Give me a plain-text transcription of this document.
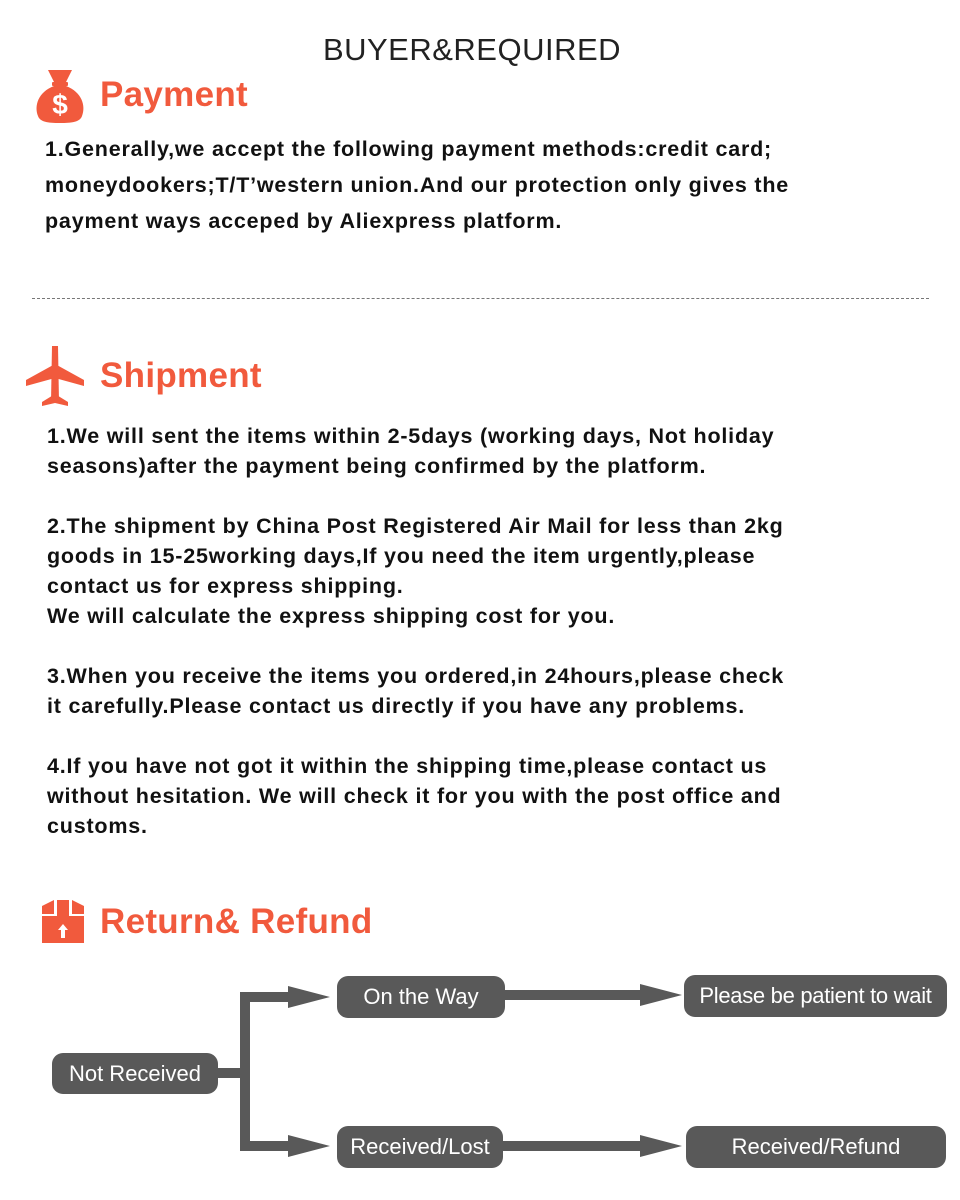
BUYER&REQUIRED
$ Payment
1.Generally,we accept the following payment methods:credit card;
moneydookers;T/T’western union.And our protection only gives the
payment ways acceped by Aliexpress platform.
Shipment
1.We will sent the items within 2-5days (working days, Not holiday
seasons)after the payment being confirmed by the platform.
2.The shipment by China Post Registered Air Mail for less than 2kg
goods in 15-25working days,If you need the item urgently,please
contact us for express shipping.
We will calculate the express shipping cost for you.
3.When you receive the items you ordered,in 24hours,please check
it carefully.Please contact us directly if you have any problems.
4.If you have not got it within the shipping time,please contact us
without hesitation. We will check it for you with the post office and
customs.
Return& Refund
Not Received
On the Way	Please be patient to wait
Received/Lost	Received/Refund
